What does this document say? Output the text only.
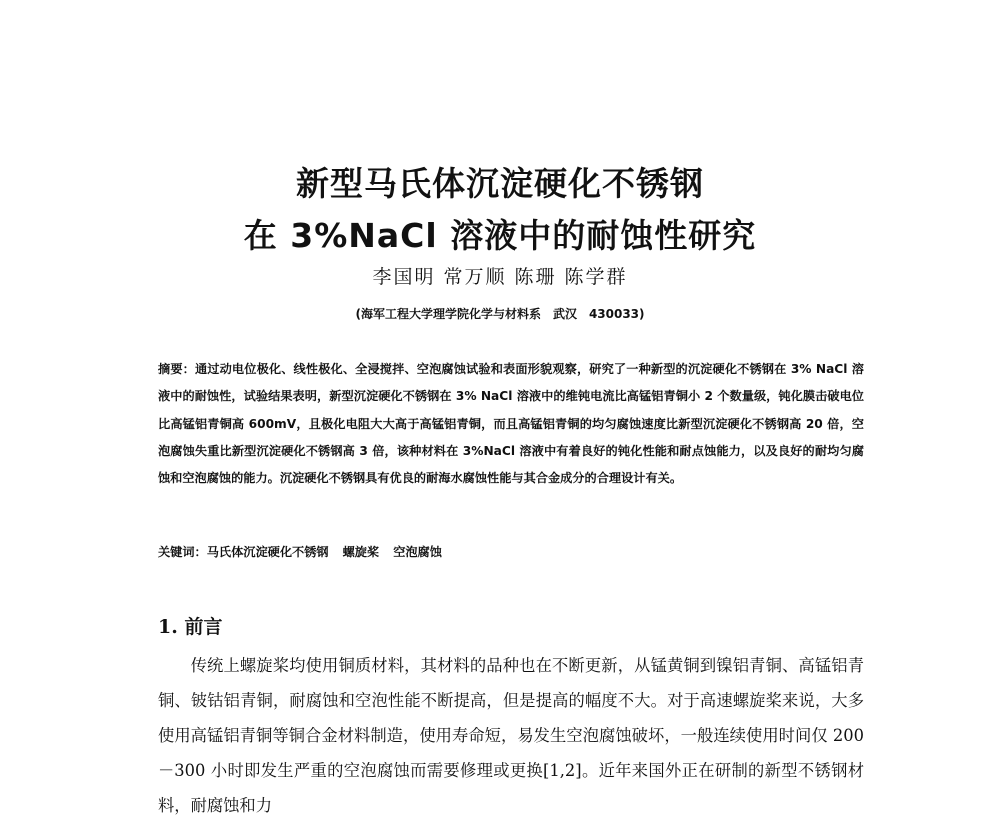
新型马氏体沉淀硬化不锈钢
在 3%NaCl 溶液中的耐蚀性研究
李国明 常万顺 陈珊 陈学群
(海军工程大学理学院化学与材料系　武汉　430033)
摘要：通过动电位极化、线性极化、全浸搅拌、空泡腐蚀试验和表面形貌观察，研究了一种新型的沉淀硬化不锈钢在 3% NaCl 溶液中的耐蚀性，试验结果表明，新型沉淀硬化不锈钢在 3% NaCl 溶液中的维钝电流比高锰铝青铜小 2 个数量级，钝化膜击破电位比高锰铝青铜高 600mV，且极化电阻大大高于高锰铝青铜，而且高锰铝青铜的均匀腐蚀速度比新型沉淀硬化不锈钢高 20 倍，空泡腐蚀失重比新型沉淀硬化不锈钢高 3 倍，该种材料在 3%NaCl 溶液中有着良好的钝化性能和耐点蚀能力，以及良好的耐均匀腐蚀和空泡腐蚀的能力。沉淀硬化不锈钢具有优良的耐海水腐蚀性能与其合金成分的合理设计有关。
关键词：马氏体沉淀硬化不锈钢 螺旋桨 空泡腐蚀
1. 前言
传统上螺旋桨均使用铜质材料，其材料的品种也在不断更新，从锰黄铜到镍铝青铜、高锰铝青铜、铍钴铝青铜，耐腐蚀和空泡性能不断提高，但是提高的幅度不大。对于高速螺旋桨来说，大多使用高锰铝青铜等铜合金材料制造，使用寿命短，易发生空泡腐蚀破坏，一般连续使用时间仅 200－300 小时即发生严重的空泡腐蚀而需要修理或更换[1,2]。近年来国外正在研制的新型不锈钢材料，耐腐蚀和力
